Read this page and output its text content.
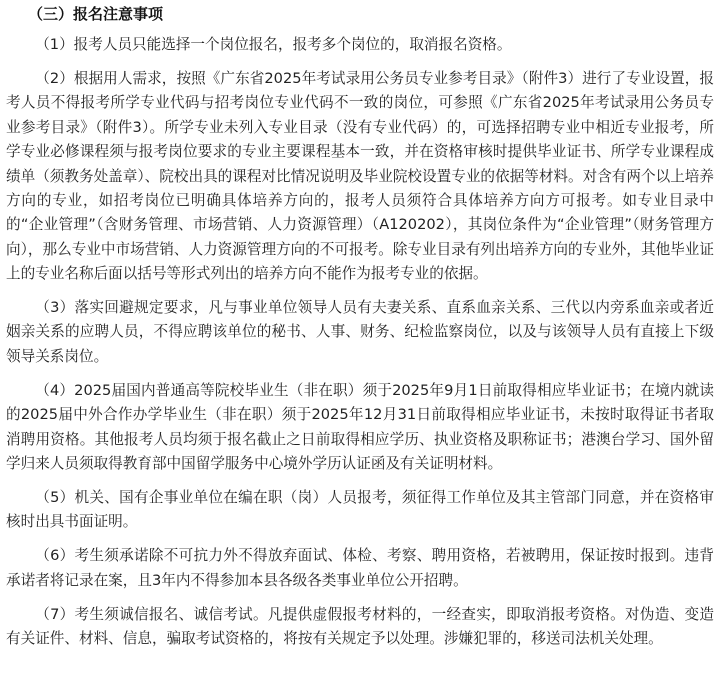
（三）报名注意事项

（1）报考人员只能选择一个岗位报名，报考多个岗位的，取消报名资格。

（2）根据用人需求，按照《广东省2025年考试录用公务员专业参考目录》（附件3）进行了专业设置，报考人员不得报考所学专业代码与招考岗位专业代码不一致的岗位，可参照《广东省2025年考试录用公务员专业参考目录》（附件3）。所学专业未列入专业目录（没有专业代码）的，可选择招聘专业中相近专业报考，所学专业必修课程须与报考岗位要求的专业主要课程基本一致，并在资格审核时提供毕业证书、所学专业课程成绩单（须教务处盖章）、院校出具的课程对比情况说明及毕业院校设置专业的依据等材料。对含有两个以上培养方向的专业，如招考岗位已明确具体培养方向的，报考人员须符合具体培养方向方可报考。如专业目录中的“企业管理”（含财务管理、市场营销、人力资源管理）（A120202），其岗位条件为“企业管理”（财务管理方向），那么专业中市场营销、人力资源管理方向的不可报考。除专业目录有列出培养方向的专业外，其他毕业证上的专业名称后面以括号等形式列出的培养方向不能作为报考专业的依据。

（3）落实回避规定要求，凡与事业单位领导人员有夫妻关系、直系血亲关系、三代以内旁系血亲或者近姻亲关系的应聘人员，不得应聘该单位的秘书、人事、财务、纪检监察岗位，以及与该领导人员有直接上下级领导关系岗位。

（4）2025届国内普通高等院校毕业生（非在职）须于2025年9月1日前取得相应毕业证书；在境内就读的2025届中外合作办学毕业生（非在职）须于2025年12月31日前取得相应毕业证书，未按时取得证书者取消聘用资格。其他报考人员均须于报名截止之日前取得相应学历、执业资格及职称证书；港澳台学习、国外留学归来人员须取得教育部中国留学服务中心境外学历认证函及有关证明材料。

（5）机关、国有企事业单位在编在职（岗）人员报考，须征得工作单位及其主管部门同意，并在资格审核时出具书面证明。

（6）考生须承诺除不可抗力外不得放弃面试、体检、考察、聘用资格，若被聘用，保证按时报到。违背承诺者将记录在案，且3年内不得参加本县各级各类事业单位公开招聘。

（7）考生须诚信报名、诚信考试。凡提供虚假报考材料的，一经查实，即取消报考资格。对伪造、变造有关证件、材料、信息，骗取考试资格的，将按有关规定予以处理。涉嫌犯罪的，移送司法机关处理。
